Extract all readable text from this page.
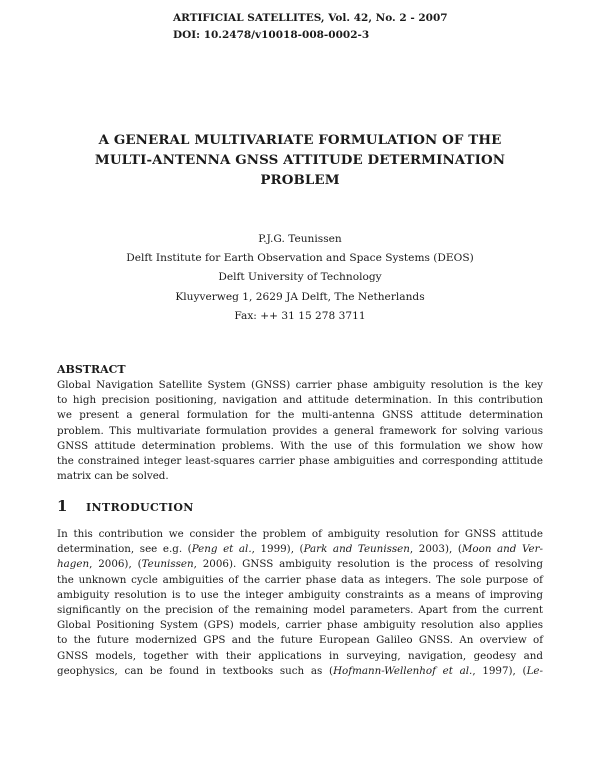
ARTIFICIAL SATELLITES, Vol. 42, No. 2 - 2007
DOI: 10.2478/v10018-008-0002-3
A GENERAL MULTIVARIATE FORMULATION OF THE
MULTI-ANTENNA GNSS ATTITUDE DETERMINATION
PROBLEM
P.J.G. Teunissen
Delft Institute for Earth Observation and Space Systems (DEOS)
Delft University of Technology
Kluyverweg 1, 2629 JA Delft, The Netherlands
Fax: ++ 31 15 278 3711
ABSTRACT
Global Navigation Satellite System (GNSS) carrier phase ambiguity resolution is the key
to high precision positioning, navigation and attitude determination. In this contribution
we present a general formulation for the multi-antenna GNSS attitude determination
problem. This multivariate formulation provides a general framework for solving various
GNSS attitude determination problems. With the use of this formulation we show how
the constrained integer least-squares carrier phase ambiguities and corresponding attitude
matrix can be solved.
1 INTRODUCTION
In this contribution we consider the problem of ambiguity resolution for GNSS attitude
determination, see e.g. (Peng et al., 1999), (Park and Teunissen, 2003), (Moon and Ver-
hagen, 2006), (Teunissen, 2006). GNSS ambiguity resolution is the process of resolving
the unknown cycle ambiguities of the carrier phase data as integers. The sole purpose of
ambiguity resolution is to use the integer ambiguity constraints as a means of improving
significantly on the precision of the remaining model parameters. Apart from the current
Global Positioning System (GPS) models, carrier phase ambiguity resolution also applies
to the future modernized GPS and the future European Galileo GNSS. An overview of
GNSS models, together with their applications in surveying, navigation, geodesy and
geophysics, can be found in textbooks such as (Hofmann-Wellenhof et al., 1997), (Le-
